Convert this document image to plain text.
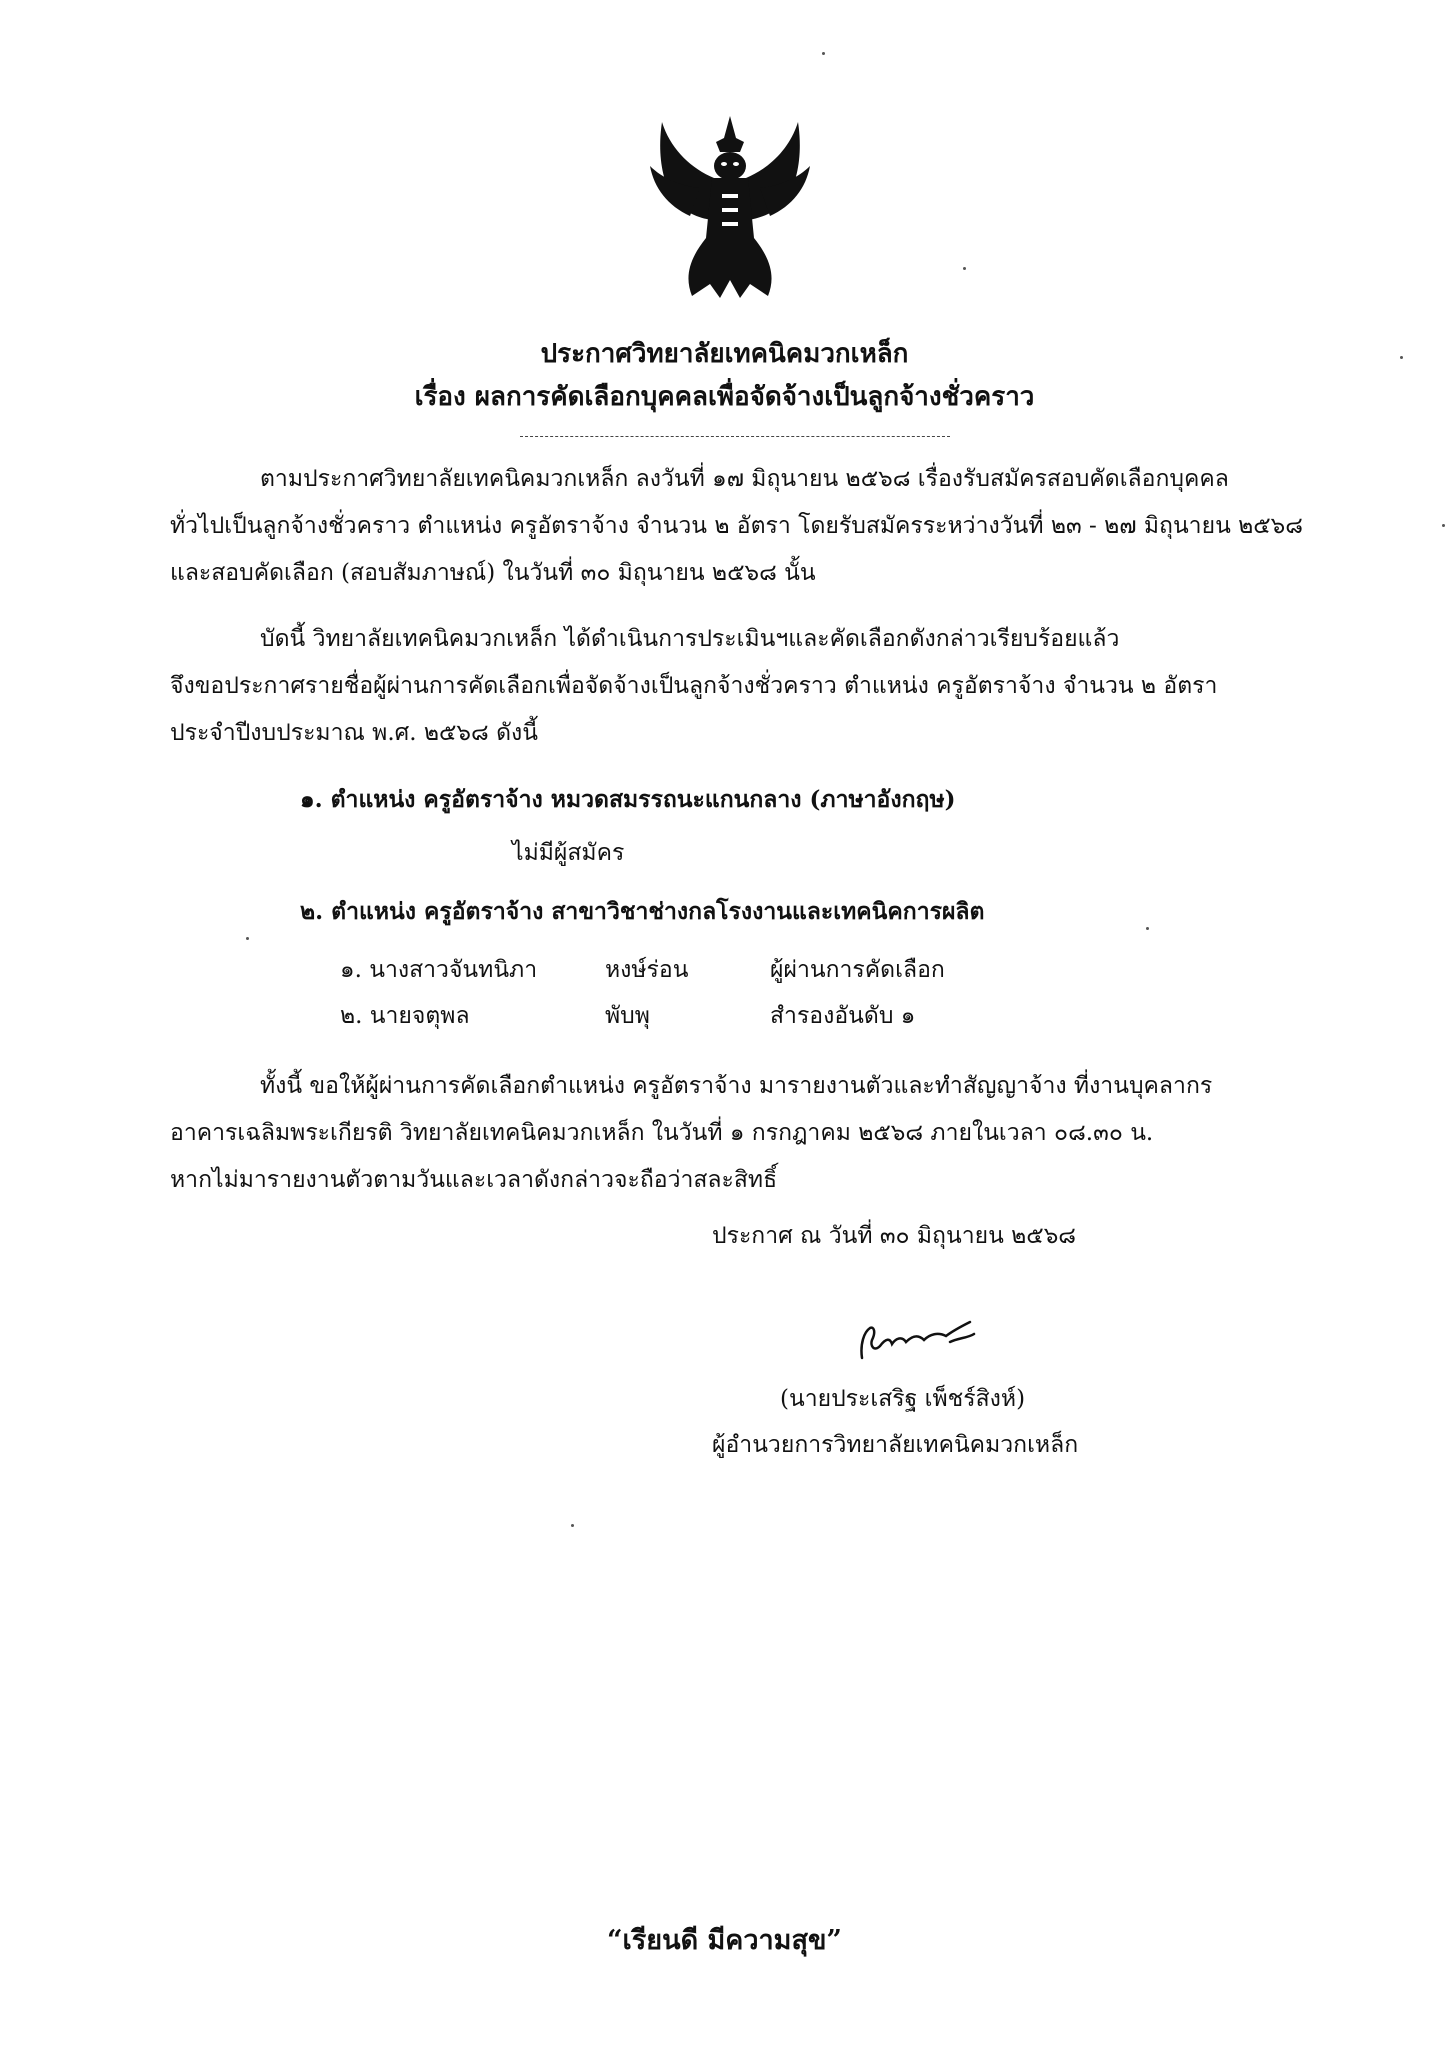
ประกาศวิทยาลัยเทคนิคมวกเหล็ก
เรื่อง ผลการคัดเลือกบุคคลเพื่อจัดจ้างเป็นลูกจ้างชั่วคราว
ตามประกาศวิทยาลัยเทคนิคมวกเหล็ก ลงวันที่ ๑๗ มิถุนายน ๒๕๖๘ เรื่องรับสมัครสอบคัดเลือกบุคคล
ทั่วไปเป็นลูกจ้างชั่วคราว ตำแหน่ง ครูอัตราจ้าง จำนวน ๒ อัตรา โดยรับสมัครระหว่างวันที่ ๒๓ - ๒๗ มิถุนายน ๒๕๖๘
และสอบคัดเลือก (สอบสัมภาษณ์) ในวันที่ ๓๐ มิถุนายน ๒๕๖๘ นั้น
บัดนี้ วิทยาลัยเทคนิคมวกเหล็ก ได้ดำเนินการประเมินฯและคัดเลือกดังกล่าวเรียบร้อยแล้ว
จึงขอประกาศรายชื่อผู้ผ่านการคัดเลือกเพื่อจัดจ้างเป็นลูกจ้างชั่วคราว ตำแหน่ง ครูอัตราจ้าง จำนวน ๒ อัตรา
ประจำปีงบประมาณ พ.ศ. ๒๕๖๘ ดังนี้
๑. ตำแหน่ง ครูอัตราจ้าง หมวดสมรรถนะแกนกลาง (ภาษาอังกฤษ)
ไม่มีผู้สมัคร
๒. ตำแหน่ง ครูอัตราจ้าง สาขาวิชาช่างกลโรงงานและเทคนิคการผลิต
๑. นางสาวจันทนิภา	หงษ์ร่อน	ผู้ผ่านการคัดเลือก
๒. นายจตุพล	พับพุ	สำรองอันดับ ๑
ทั้งนี้ ขอให้ผู้ผ่านการคัดเลือกตำแหน่ง ครูอัตราจ้าง มารายงานตัวและทำสัญญาจ้าง ที่งานบุคลากร
อาคารเฉลิมพระเกียรติ วิทยาลัยเทคนิคมวกเหล็ก ในวันที่ ๑ กรกฎาคม ๒๕๖๘ ภายในเวลา ๐๘.๓๐ น.
หากไม่มารายงานตัวตามวันและเวลาดังกล่าวจะถือว่าสละสิทธิ์
ประกาศ ณ วันที่ ๓๐ มิถุนายน ๒๕๖๘
(นายประเสริฐ เพ็ชร์สิงห์)
ผู้อำนวยการวิทยาลัยเทคนิคมวกเหล็ก
“เรียนดี มีความสุข”
